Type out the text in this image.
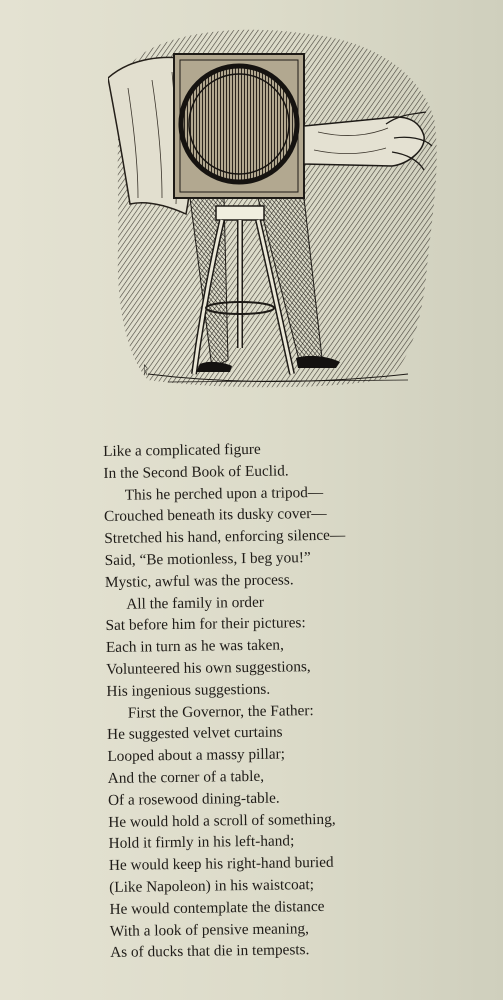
ᚱ
Like a complicated figure
In the Second Book of Euclid.
This he perched upon a tripod—
Crouched beneath its dusky cover—
Stretched his hand, enforcing silence—
Said, “Be motionless, I beg you!”
Mystic, awful was the process.
All the family in order
Sat before him for their pictures:
Each in turn as he was taken,
Volunteered his own suggestions,
His ingenious suggestions.
First the Governor, the Father:
He suggested velvet curtains
Looped about a massy pillar;
And the corner of a table,
Of a rosewood dining-table.
He would hold a scroll of something,
Hold it firmly in his left-hand;
He would keep his right-hand buried
(Like Napoleon) in his waistcoat;
He would contemplate the distance
With a look of pensive meaning,
As of ducks that die in tempests.
